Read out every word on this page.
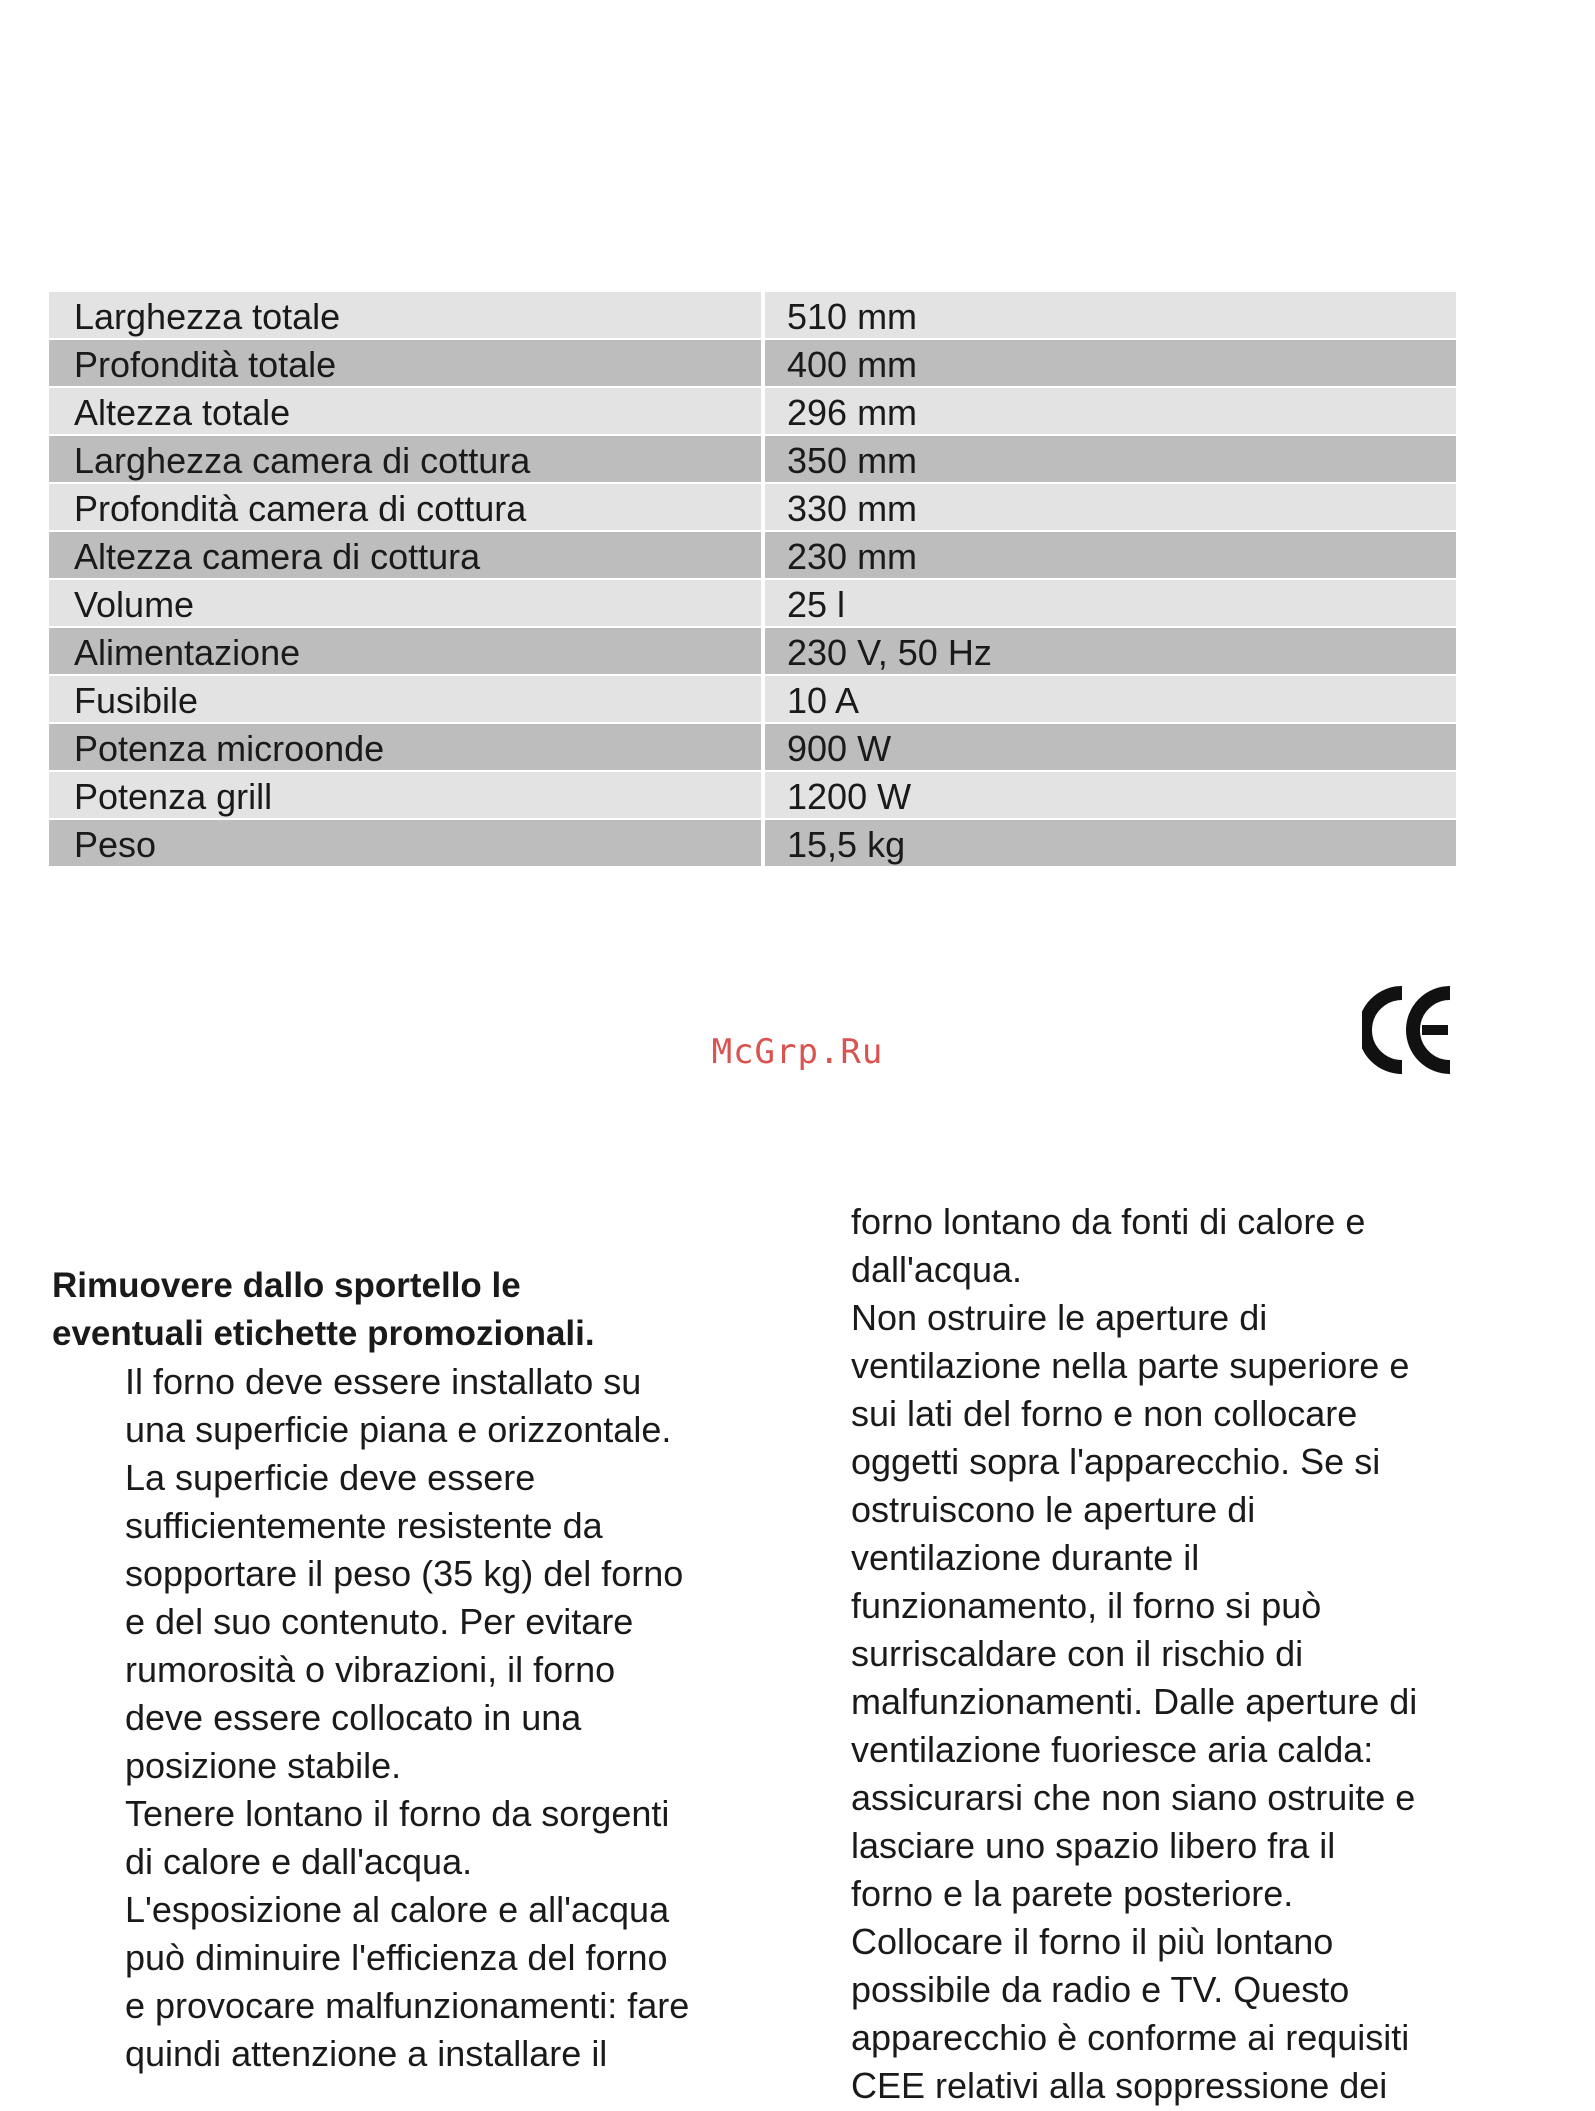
Larghezza totale	510 mm
Profondità totale	400 mm
Altezza totale	296 mm
Larghezza camera di cottura	350 mm
Profondità camera di cottura	330 mm
Altezza camera di cottura	230 mm
Volume	25 l
Alimentazione	230 V, 50 Hz
Fusibile	10 A
Potenza microonde	900 W
Potenza grill	1200 W
Peso	15,5 kg
McGrp.Ru

Rimuovere dallo sportello le
eventuali etichette promozionali.

Il forno deve essere installato su
una superficie piana e orizzontale.
La superficie deve essere
sufficientemente resistente da
sopportare il peso (35 kg) del forno
e del suo contenuto. Per evitare
rumorosità o vibrazioni, il forno
deve essere collocato in una
posizione stabile.
Tenere lontano il forno da sorgenti
di calore e dall'acqua.
L'esposizione al calore e all'acqua
può diminuire l'efficienza del forno
e provocare malfunzionamenti: fare
quindi attenzione a installare il

forno lontano da fonti di calore e
dall'acqua.
Non ostruire le aperture di
ventilazione nella parte superiore e
sui lati del forno e non collocare
oggetti sopra l'apparecchio. Se si
ostruiscono le aperture di
ventilazione durante il
funzionamento, il forno si può
surriscaldare con il rischio di
malfunzionamenti. Dalle aperture di
ventilazione fuoriesce aria calda:
assicurarsi che non siano ostruite e
lasciare uno spazio libero fra il
forno e la parete posteriore.
Collocare il forno il più lontano
possibile da radio e TV. Questo
apparecchio è conforme ai requisiti
CEE relativi alla soppressione dei
